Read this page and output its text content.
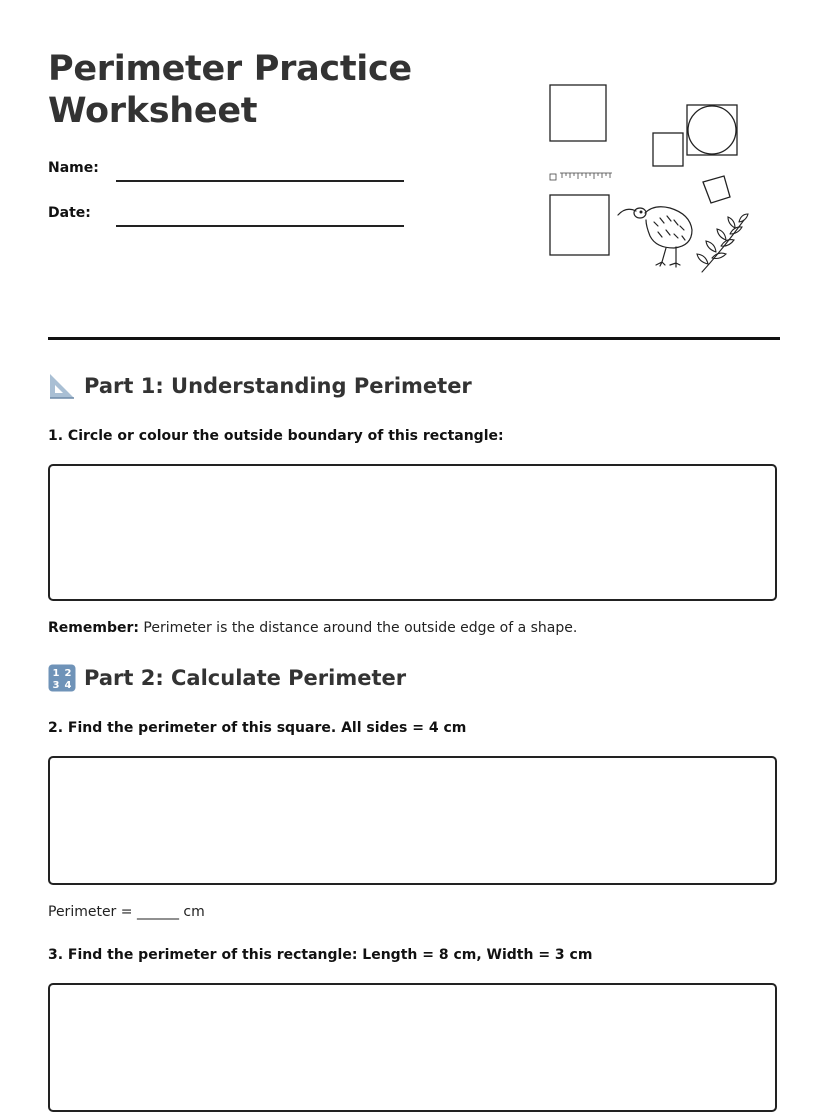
Perimeter Practice
Worksheet
Name:
Date:
Part 1: Understanding Perimeter

1. Circle or colour the outside boundary of this rectangle:

Remember: Perimeter is the distance around the outside edge of a shape.

1 2
3 4 Part 2: Calculate Perimeter

2. Find the perimeter of this square. All sides = 4 cm

Perimeter = ______ cm

3. Find the perimeter of this rectangle: Length = 8 cm, Width = 3 cm
